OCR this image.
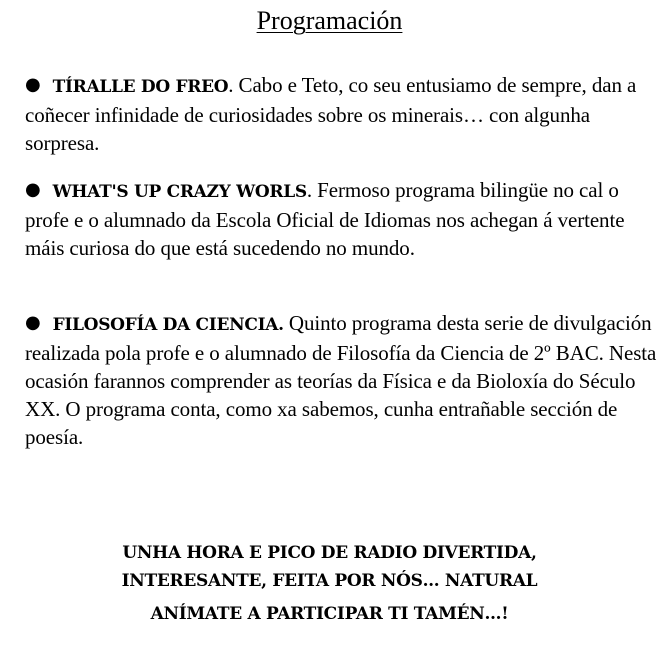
Programación
● TÍRALLE DO FREO. Cabo e Teto, co seu entusiamo de sempre, dan a coñecer infinidade de curiosidades sobre os minerais… con algunha sorpresa.
● WHAT'S UP CRAZY WORLS. Fermoso programa bilingüe no cal o profe e o alumnado da Escola Oficial de Idiomas nos achegan á vertente máis curiosa do que está sucedendo no mundo.
● FILOSOFÍA DA CIENCIA. Quinto programa desta serie de divulgación realizada pola profe e o alumnado de Filosofía da Ciencia de 2º BAC. Nesta ocasión farannos comprender as teorías da Física e da Bioloxía do Século XX. O programa conta, como xa sabemos, cunha entrañable sección de poesía.
UNHA HORA E PICO DE RADIO DIVERTIDA,
INTERESANTE, FEITA POR NÓS… NATURAL
ANÍMATE A PARTICIPAR TI TAMÉN…!
